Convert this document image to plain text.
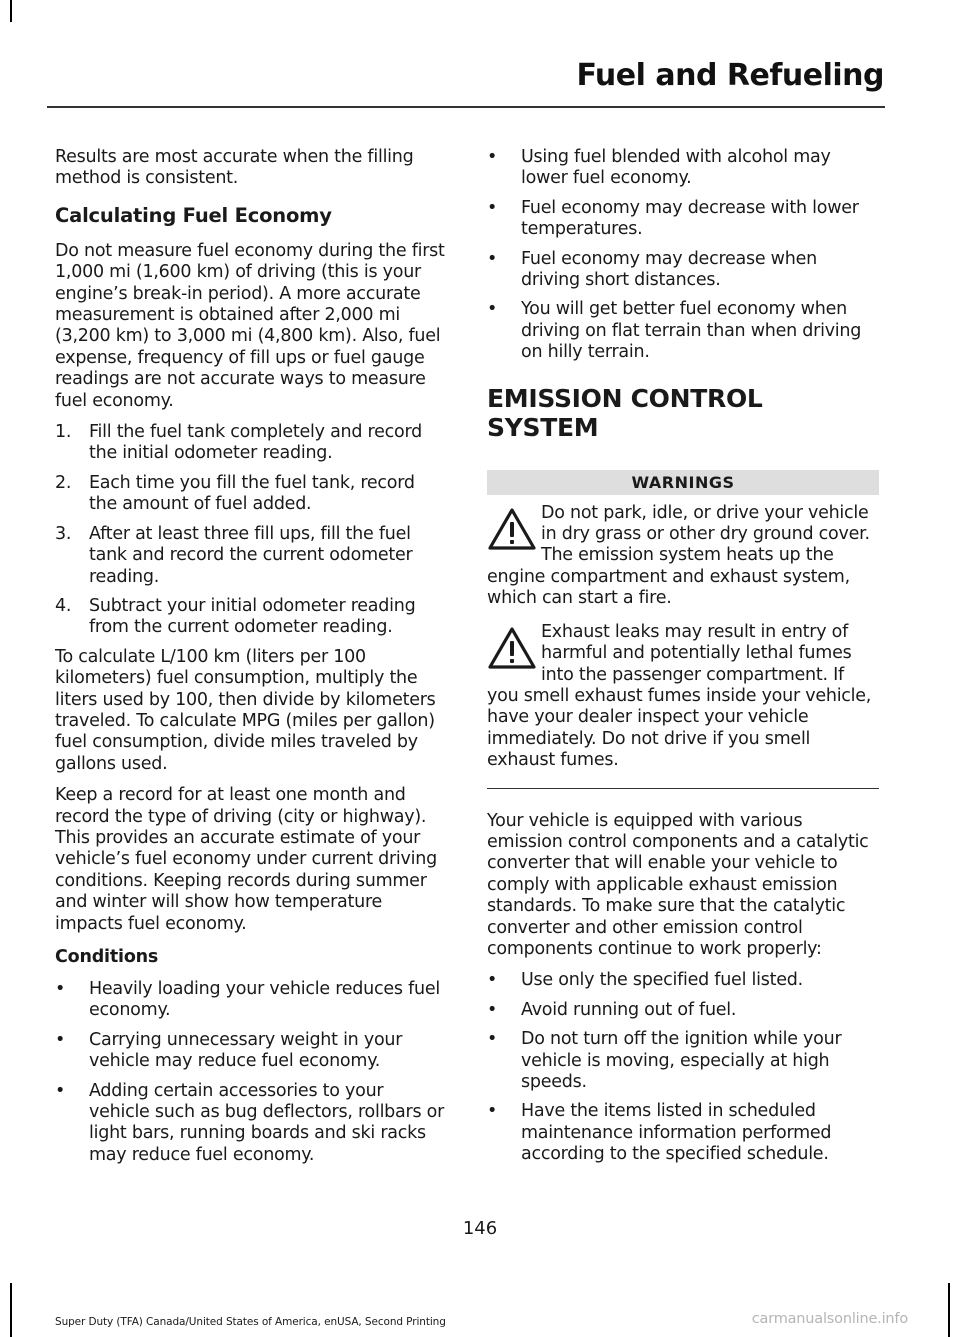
Fuel and Refueling

Results are most accurate when the filling method is consistent.

Calculating Fuel Economy

Do not measure fuel economy during the first 1,000 mi (1,600 km) of driving (this is your engine’s break-in period). A more accurate measurement is obtained after 2,000 mi (3,200 km) to 3,000 mi (4,800 km). Also, fuel expense, frequency of fill ups or fuel gauge readings are not accurate ways to measure fuel economy.

1. Fill the fuel tank completely and record the initial odometer reading.
2. Each time you fill the fuel tank, record the amount of fuel added.
3. After at least three fill ups, fill the fuel tank and record the current odometer reading.
4. Subtract your initial odometer reading from the current odometer reading.

To calculate L/100 km (liters per 100 kilometers) fuel consumption, multiply the liters used by 100, then divide by kilometers traveled. To calculate MPG (miles per gallon) fuel consumption, divide miles traveled by gallons used.

Keep a record for at least one month and record the type of driving (city or highway). This provides an accurate estimate of your vehicle’s fuel economy under current driving conditions. Keeping records during summer and winter will show how temperature impacts fuel economy.

Conditions
• Heavily loading your vehicle reduces fuel economy.
• Carrying unnecessary weight in your vehicle may reduce fuel economy.
• Adding certain accessories to your vehicle such as bug deflectors, rollbars or light bars, running boards and ski racks may reduce fuel economy.
• Using fuel blended with alcohol may lower fuel economy.
• Fuel economy may decrease with lower temperatures.
• Fuel economy may decrease when driving short distances.
• You will get better fuel economy when driving on flat terrain than when driving on hilly terrain.
EMISSION CONTROL SYSTEM
WARNINGS

Do not park, idle, or drive your vehicle in dry grass or other dry ground cover. The emission system heats up the engine compartment and exhaust system, which can start a fire.

Exhaust leaks may result in entry of harmful and potentially lethal fumes into the passenger compartment. If you smell exhaust fumes inside your vehicle, have your dealer inspect your vehicle immediately. Do not drive if you smell exhaust fumes.

Your vehicle is equipped with various emission control components and a catalytic converter that will enable your vehicle to comply with applicable exhaust emission standards. To make sure that the catalytic converter and other emission control components continue to work properly:

• Use only the specified fuel listed.
• Avoid running out of fuel.
• Do not turn off the ignition while your vehicle is moving, especially at high speeds.
• Have the items listed in scheduled maintenance information performed according to the specified schedule.
146
Super Duty (TFA) Canada/United States of America, enUSA, Second Printing	carmanualsonline.info
